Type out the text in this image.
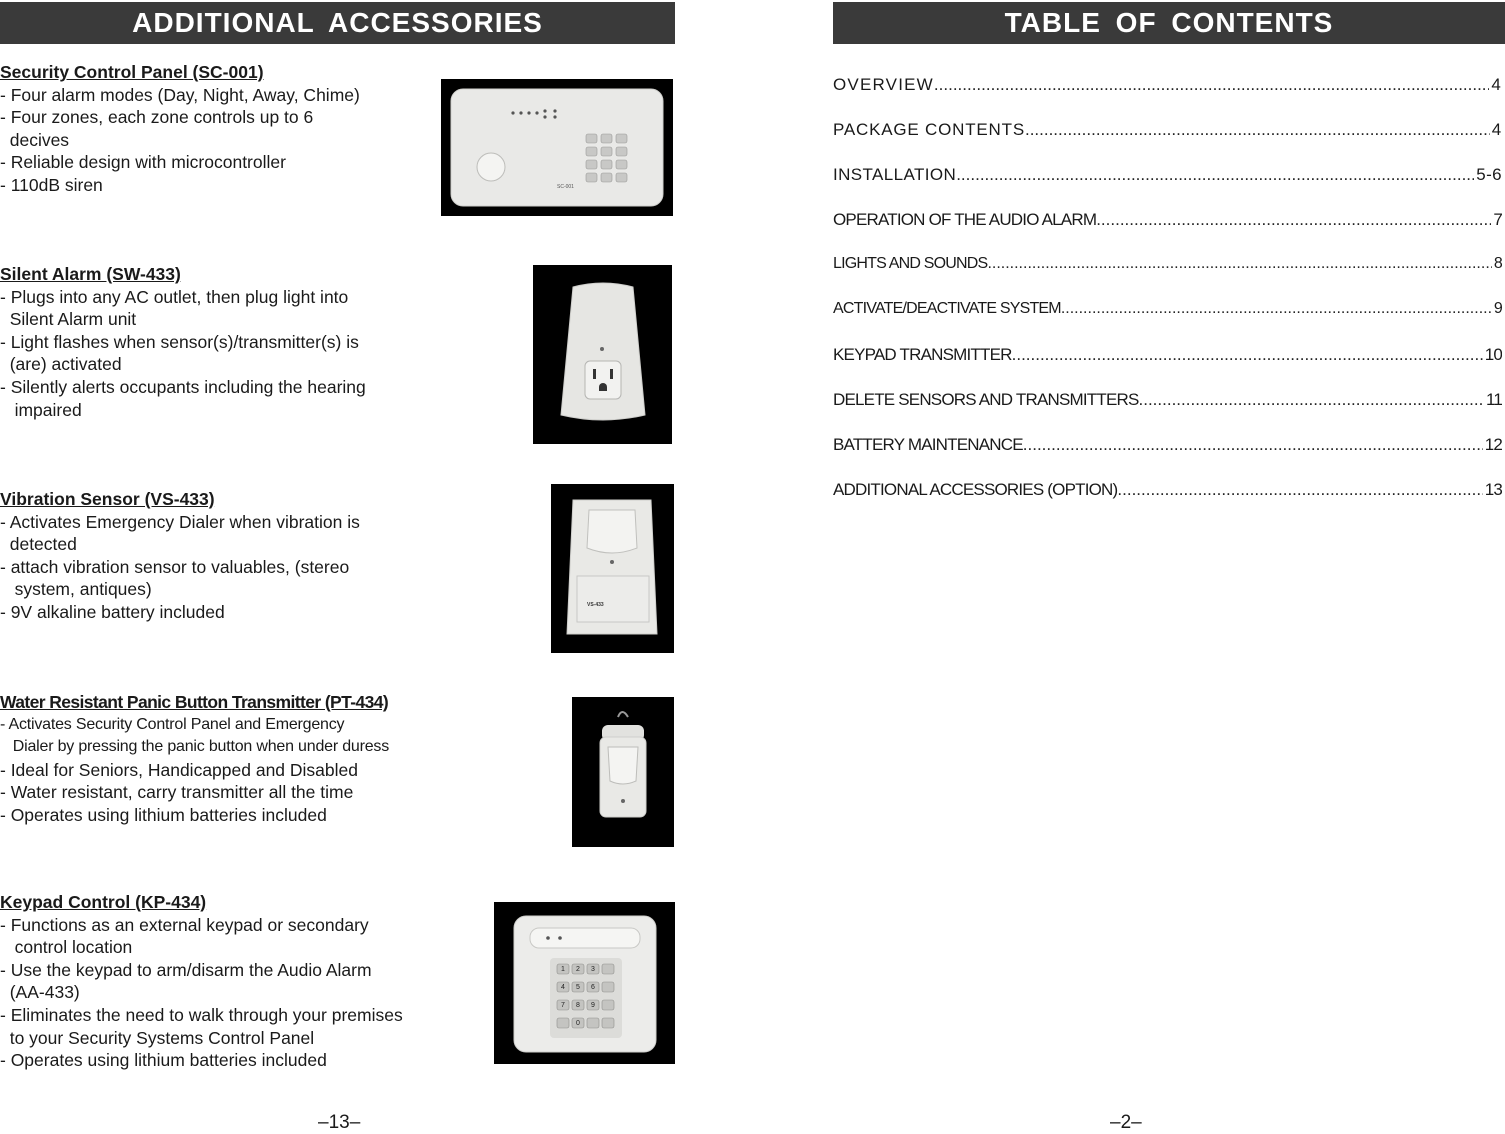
ADDITIONAL ACCESSORIES
Security Control Panel (SC-001)
- Four alarm modes (Day, Night, Away, Chime)
- Four zones, each zone controls up to 6
decives
- Reliable design with microcontroller
- 110dB siren
Silent Alarm (SW-433)
- Plugs into any AC outlet, then plug light into
Silent Alarm unit
- Light flashes when sensor(s)/transmitter(s) is
(are) activated
- Silently alerts occupants including the hearing
impaired
Vibration Sensor (VS-433)
- Activates Emergency Dialer when vibration is
detected
- attach vibration sensor to valuables, (stereo
system, antiques)
- 9V alkaline battery included
Water Resistant Panic Button Transmitter (PT-434)
- Activates Security Control Panel and Emergency
Dialer by pressing the panic button when under duress
- Ideal for Seniors, Handicapped and Disabled
- Water resistant, carry transmitter all the time
- Operates using lithium batteries included
Keypad Control (KP-434)
- Functions as an external keypad or secondary
control location
- Use the keypad to arm/disarm the Audio Alarm
(AA-433)
- Eliminates the need to walk through your premises
to your Security Systems Control Panel
- Operates using lithium batteries included
SC-001
VS-433
1 2 3
4 5 6
7 8 9
0
–13–
TABLE OF CONTENTS
OVERVIEW .....	4
PACKAGE CONTENTS .....	4
INSTALLATION .....	5-6
OPERATION OF THE AUDIO ALARM .....	7
LIGHTS AND SOUNDS .....	8
ACTIVATE/DEACTIVATE SYSTEM .....	9
KEYPAD TRANSMITTER .....	10
DELETE SENSORS AND TRANSMITTERS .....	11
BATTERY MAINTENANCE .....	12
ADDITIONAL ACCESSORIES (OPTION) .....	13
–2–
